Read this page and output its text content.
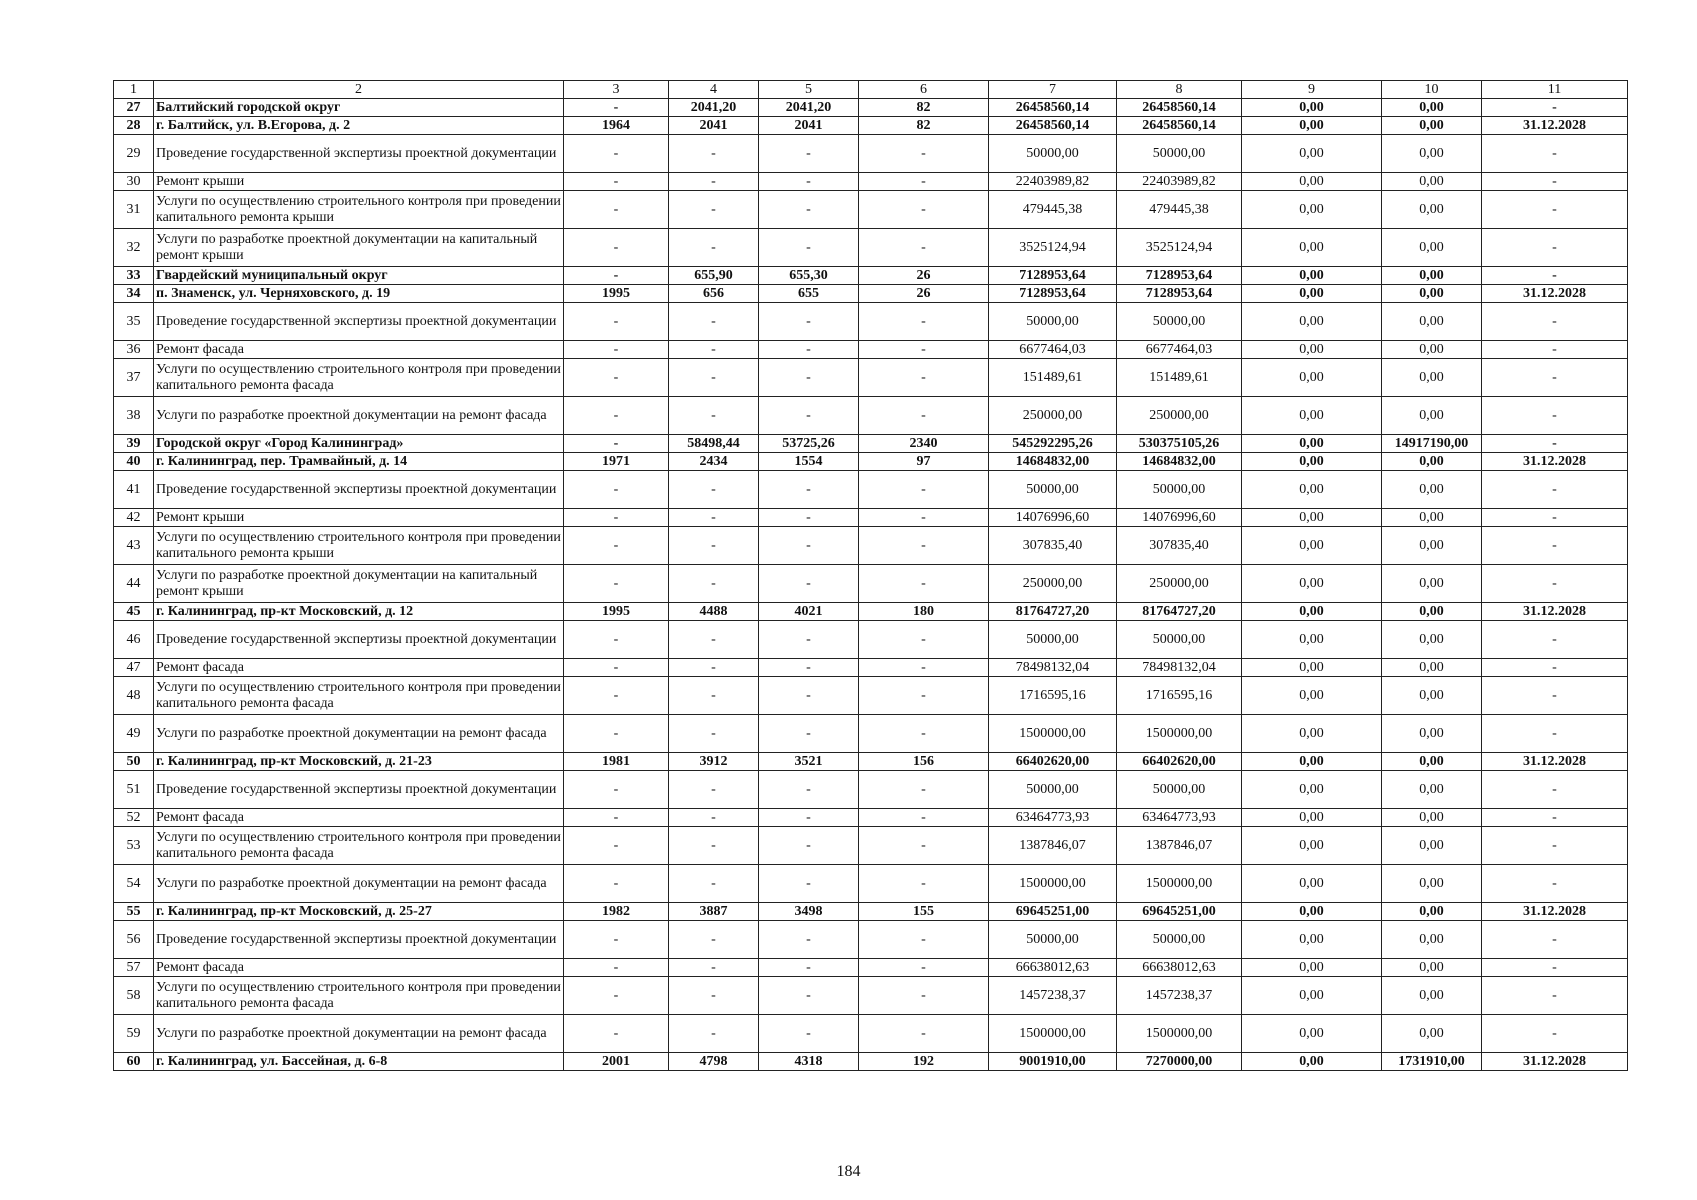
1	2	3	4	5	6	7	8	9	10	11
27	Балтийский городской округ	-	2041,20	2041,20	82	26458560,14	26458560,14	0,00	0,00	-
28	г. Балтийск, ул. В.Егорова, д. 2	1964	2041	2041	82	26458560,14	26458560,14	0,00	0,00	31.12.2028
29	Проведение государственной экспертизы проектной документации	-	-	-	-	50000,00	50000,00	0,00	0,00	-
30	Ремонт крыши	-	-	-	-	22403989,82	22403989,82	0,00	0,00	-
31	Услуги по осуществлению строительного контроля при проведении капитального ремонта крыши	-	-	-	-	479445,38	479445,38	0,00	0,00	-
32	Услуги по разработке проектной документации на капитальный ремонт крыши	-	-	-	-	3525124,94	3525124,94	0,00	0,00	-
33	Гвардейский муниципальный округ	-	655,90	655,30	26	7128953,64	7128953,64	0,00	0,00	-
34	п. Знаменск, ул. Черняховского, д. 19	1995	656	655	26	7128953,64	7128953,64	0,00	0,00	31.12.2028
35	Проведение государственной экспертизы проектной документации	-	-	-	-	50000,00	50000,00	0,00	0,00	-
36	Ремонт фасада	-	-	-	-	6677464,03	6677464,03	0,00	0,00	-
37	Услуги по осуществлению строительного контроля при проведении капитального ремонта фасада	-	-	-	-	151489,61	151489,61	0,00	0,00	-
38	Услуги по разработке проектной документации на ремонт фасада	-	-	-	-	250000,00	250000,00	0,00	0,00	-
39	Городской округ «Город Калининград»	-	58498,44	53725,26	2340	545292295,26	530375105,26	0,00	14917190,00	-
40	г. Калининград, пер. Трамвайный, д. 14	1971	2434	1554	97	14684832,00	14684832,00	0,00	0,00	31.12.2028
41	Проведение государственной экспертизы проектной документации	-	-	-	-	50000,00	50000,00	0,00	0,00	-
42	Ремонт крыши	-	-	-	-	14076996,60	14076996,60	0,00	0,00	-
43	Услуги по осуществлению строительного контроля при проведении капитального ремонта крыши	-	-	-	-	307835,40	307835,40	0,00	0,00	-
44	Услуги по разработке проектной документации на капитальный ремонт крыши	-	-	-	-	250000,00	250000,00	0,00	0,00	-
45	г. Калининград, пр-кт Московский, д. 12	1995	4488	4021	180	81764727,20	81764727,20	0,00	0,00	31.12.2028
46	Проведение государственной экспертизы проектной документации	-	-	-	-	50000,00	50000,00	0,00	0,00	-
47	Ремонт фасада	-	-	-	-	78498132,04	78498132,04	0,00	0,00	-
48	Услуги по осуществлению строительного контроля при проведении капитального ремонта фасада	-	-	-	-	1716595,16	1716595,16	0,00	0,00	-
49	Услуги по разработке проектной документации на ремонт фасада	-	-	-	-	1500000,00	1500000,00	0,00	0,00	-
50	г. Калининград, пр-кт Московский, д. 21-23	1981	3912	3521	156	66402620,00	66402620,00	0,00	0,00	31.12.2028
51	Проведение государственной экспертизы проектной документации	-	-	-	-	50000,00	50000,00	0,00	0,00	-
52	Ремонт фасада	-	-	-	-	63464773,93	63464773,93	0,00	0,00	-
53	Услуги по осуществлению строительного контроля при проведении капитального ремонта фасада	-	-	-	-	1387846,07	1387846,07	0,00	0,00	-
54	Услуги по разработке проектной документации на ремонт фасада	-	-	-	-	1500000,00	1500000,00	0,00	0,00	-
55	г. Калининград, пр-кт Московский, д. 25-27	1982	3887	3498	155	69645251,00	69645251,00	0,00	0,00	31.12.2028
56	Проведение государственной экспертизы проектной документации	-	-	-	-	50000,00	50000,00	0,00	0,00	-
57	Ремонт фасада	-	-	-	-	66638012,63	66638012,63	0,00	0,00	-
58	Услуги по осуществлению строительного контроля при проведении капитального ремонта фасада	-	-	-	-	1457238,37	1457238,37	0,00	0,00	-
59	Услуги по разработке проектной документации на ремонт фасада	-	-	-	-	1500000,00	1500000,00	0,00	0,00	-
60	г. Калининград, ул. Бассейная, д. 6-8	2001	4798	4318	192	9001910,00	7270000,00	0,00	1731910,00	31.12.2028
184
